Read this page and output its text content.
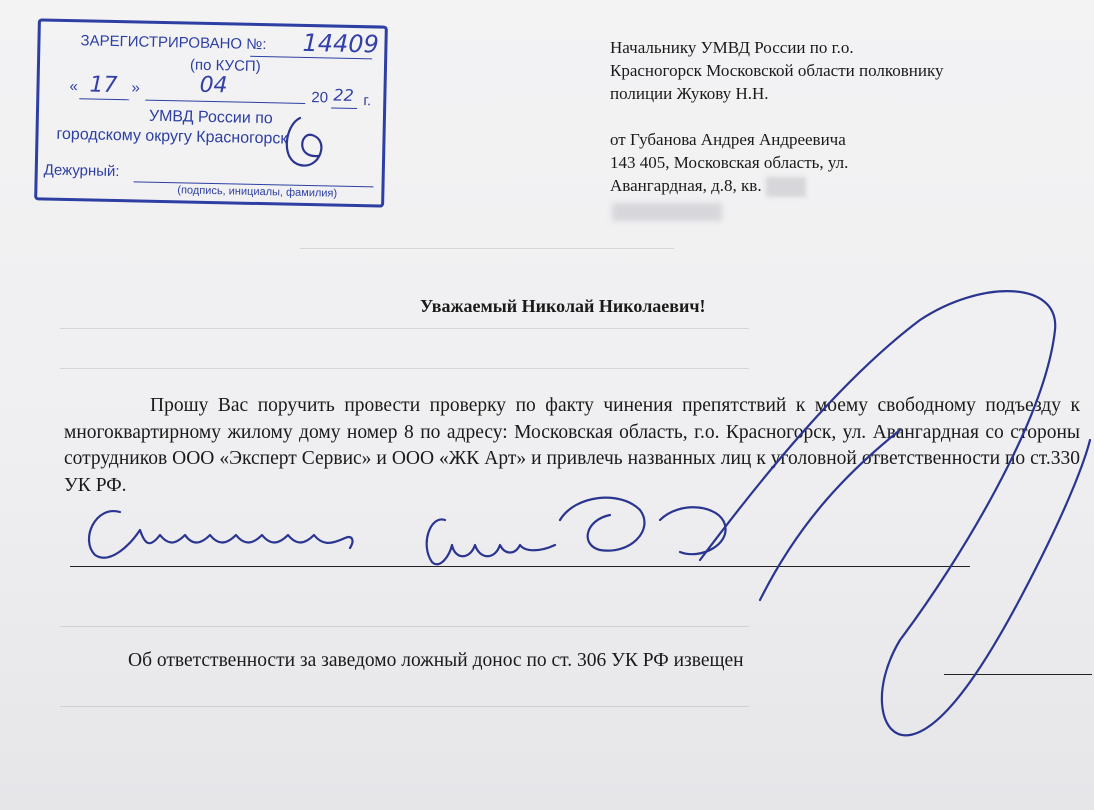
____________________________________________
_________________________________________________________________________________
_________________________________________________________________________________
_________________________________________________________________________________
_________________________________________________________________________________
ЗАРЕГИСТРИРОВАНО №: 14409
(по КУСП)
« 17 »	04	20 22 г.
УМВД России по
городскому округу Красногорск
Дежурный:
(подпись, инициалы, фамилия)

Начальнику УМВД России по г.о.

Красногорск Московской области полковнику

полиции Жукову Н.Н.

от Губанова Андрея Андреевича

143 405, Московская область, ул.

Авангардная, д.8, кв.

Уважаемый Николай Николаевич!
Прошу Вас поручить провести проверку по факту чинения препятствий к моему свободному подъезду к многоквартирному жилому дому номер 8 по адресу: Московская область, г.о. Красногорск, ул. Авангардная со стороны сотрудников ООО «Эксперт Сервис» и ООО «ЖК Арт» и привлечь названных лиц к уголовной ответственности по ст.330 УК РФ.
Об ответственности за заведомо ложный донос по ст. 306 УК РФ извещен
